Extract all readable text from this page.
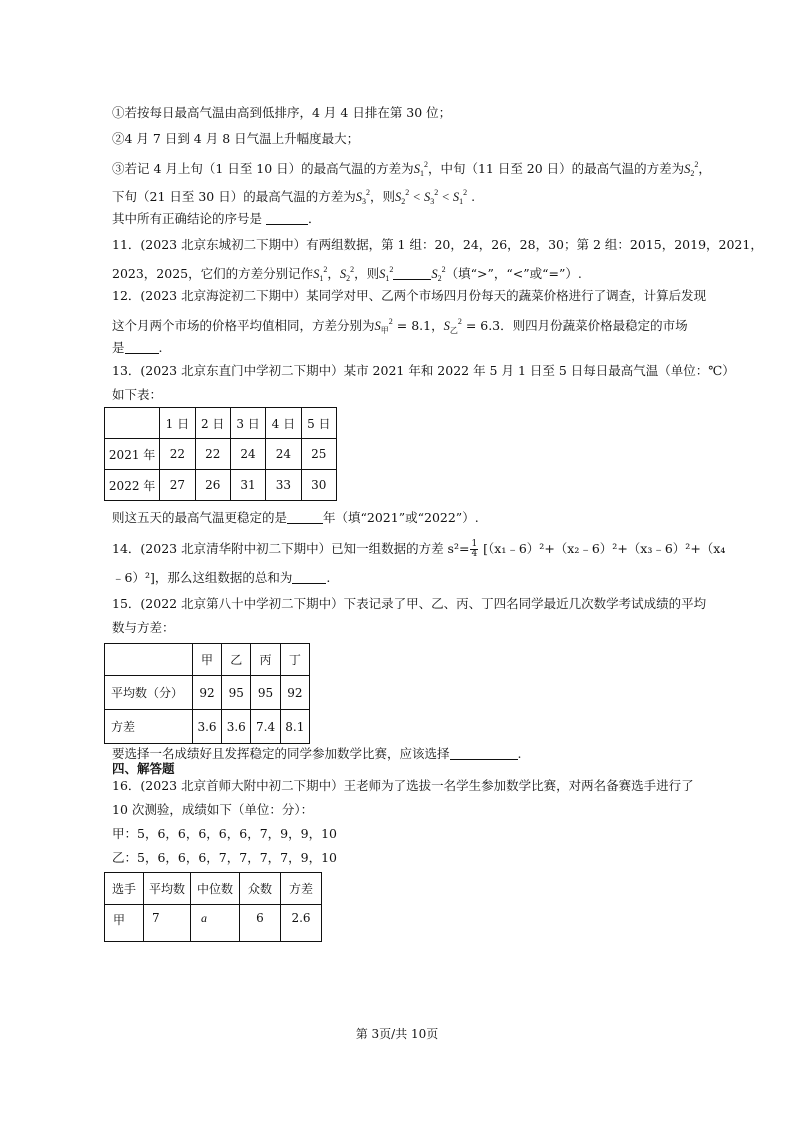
①若按每日最高气温由高到低排序，4 月 4 日排在第 30 位；
②4 月 7 日到 4 月 8 日气温上升幅度最大；
③若记 4 月上旬（1 日至 10 日）的最高气温的方差为$S_1^2$，中旬（11 日至 20 日）的最高气温的方差为$S_2^2$，
下旬（21 日至 30 日）的最高气温的方差为$S_3^2$，则$S_2^2 < S_3^2 < S_1^2$ .
其中所有正确结论的序号是	．
11．(2023 北京东城初二下期中）有两组数据，第 1 组：20，24，26，28，30；第 2 组：2015，2019，2021，
2023，2025，它们的方差分别记作$S_1^2$，$S_2^2$，则$S_1^2$	$S_2^2$（填“>”，“<”或“=”）.
12．(2023 北京海淀初二下期中）某同学对甲、乙两个市场四月份每天的蔬菜价格进行了调查，计算后发现
这个月两个市场的价格平均值相同，方差分别为$S_甲^2 = 8.1$，$S_乙^2 = 6.3$．则四月份蔬菜价格最稳定的市场
是	.
13．(2023 北京东直门中学初二下期中）某市 2021 年和 2022 年 5 月 1 日至 5 日每日最高气温（单位：℃）
如下表：
	1 日	2 日	3 日	4 日	5 日
2021 年	22	22	24	24	25
2022 年	27	26	31	33	30
则这五天的最高气温更稳定的是	年（填“2021”或“2022”）.
14．(2023 北京清华附中初二下期中）已知一组数据的方差 $s^2= \frac{1}{4}$ [（x₁﹣6）²+（x₂﹣6）²+（x₃﹣6）²+（x₄
﹣6）²]，那么这组数据的总和为	.
15．(2022 北京第八十中学初二下期中）下表记录了甲、乙、丙、丁四名同学最近几次数学考试成绩的平均
数与方差：
	甲	乙	丙	丁
平均数（分）	92	95	95	92
方差	3.6	3.6	7.4	8.1
要选择一名成绩好且发挥稳定的同学参加数学比赛，应该选择	.
四、解答题
16．(2023 北京首师大附中初二下期中）王老师为了选拔一名学生参加数学比赛，对两名备赛选手进行了
10 次测验，成绩如下（单位：分）：
甲：5，6，6，6，6，6，7，9，9，10
乙：5，6，6，6，7，7，7，7，9，10
选手	平均数	中位数	众数	方差
甲	7	a	6	2.6
第 3页/共 10页
